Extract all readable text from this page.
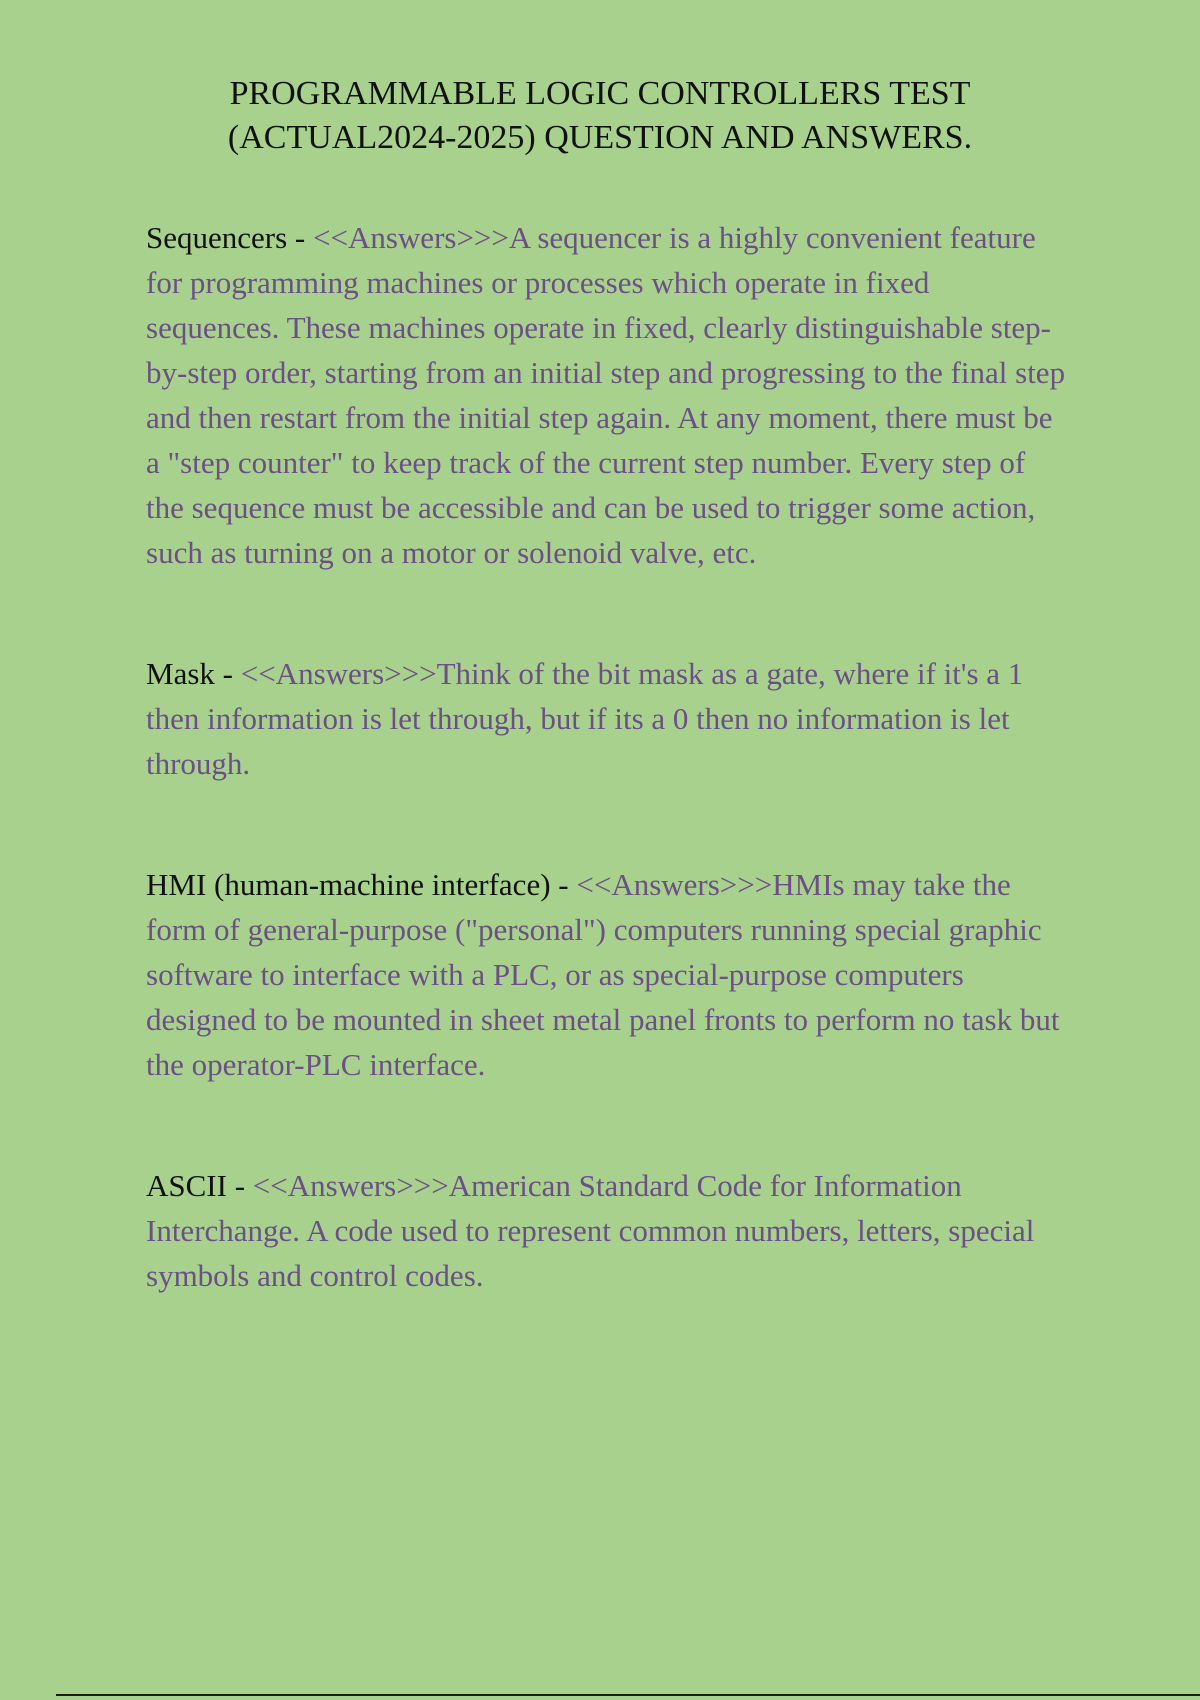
PROGRAMMABLE LOGIC CONTROLLERS TEST
(ACTUAL2024-2025) QUESTION AND ANSWERS.

Sequencers - <<Answers>>>A sequencer is a highly convenient feature for programming machines or processes which operate in fixed sequences. These machines operate in fixed, clearly distinguishable step-by-step order, starting from an initial step and progressing to the final step and then restart from the initial step again. At any moment, there must be a "step counter" to keep track of the current step number. Every step of the sequence must be accessible and can be used to trigger some action, such as turning on a motor or solenoid valve, etc.

Mask - <<Answers>>>Think of the bit mask as a gate, where if it's a 1 then information is let through, but if its a 0 then no information is let through.

HMI (human-machine interface) - <<Answers>>>HMIs may take the form of general-purpose ("personal") computers running special graphic software to interface with a PLC, or as special-purpose computers designed to be mounted in sheet metal panel fronts to perform no task but the operator-PLC interface.

ASCII - <<Answers>>>American Standard Code for Information Interchange. A code used to represent common numbers, letters, special symbols and control codes.
